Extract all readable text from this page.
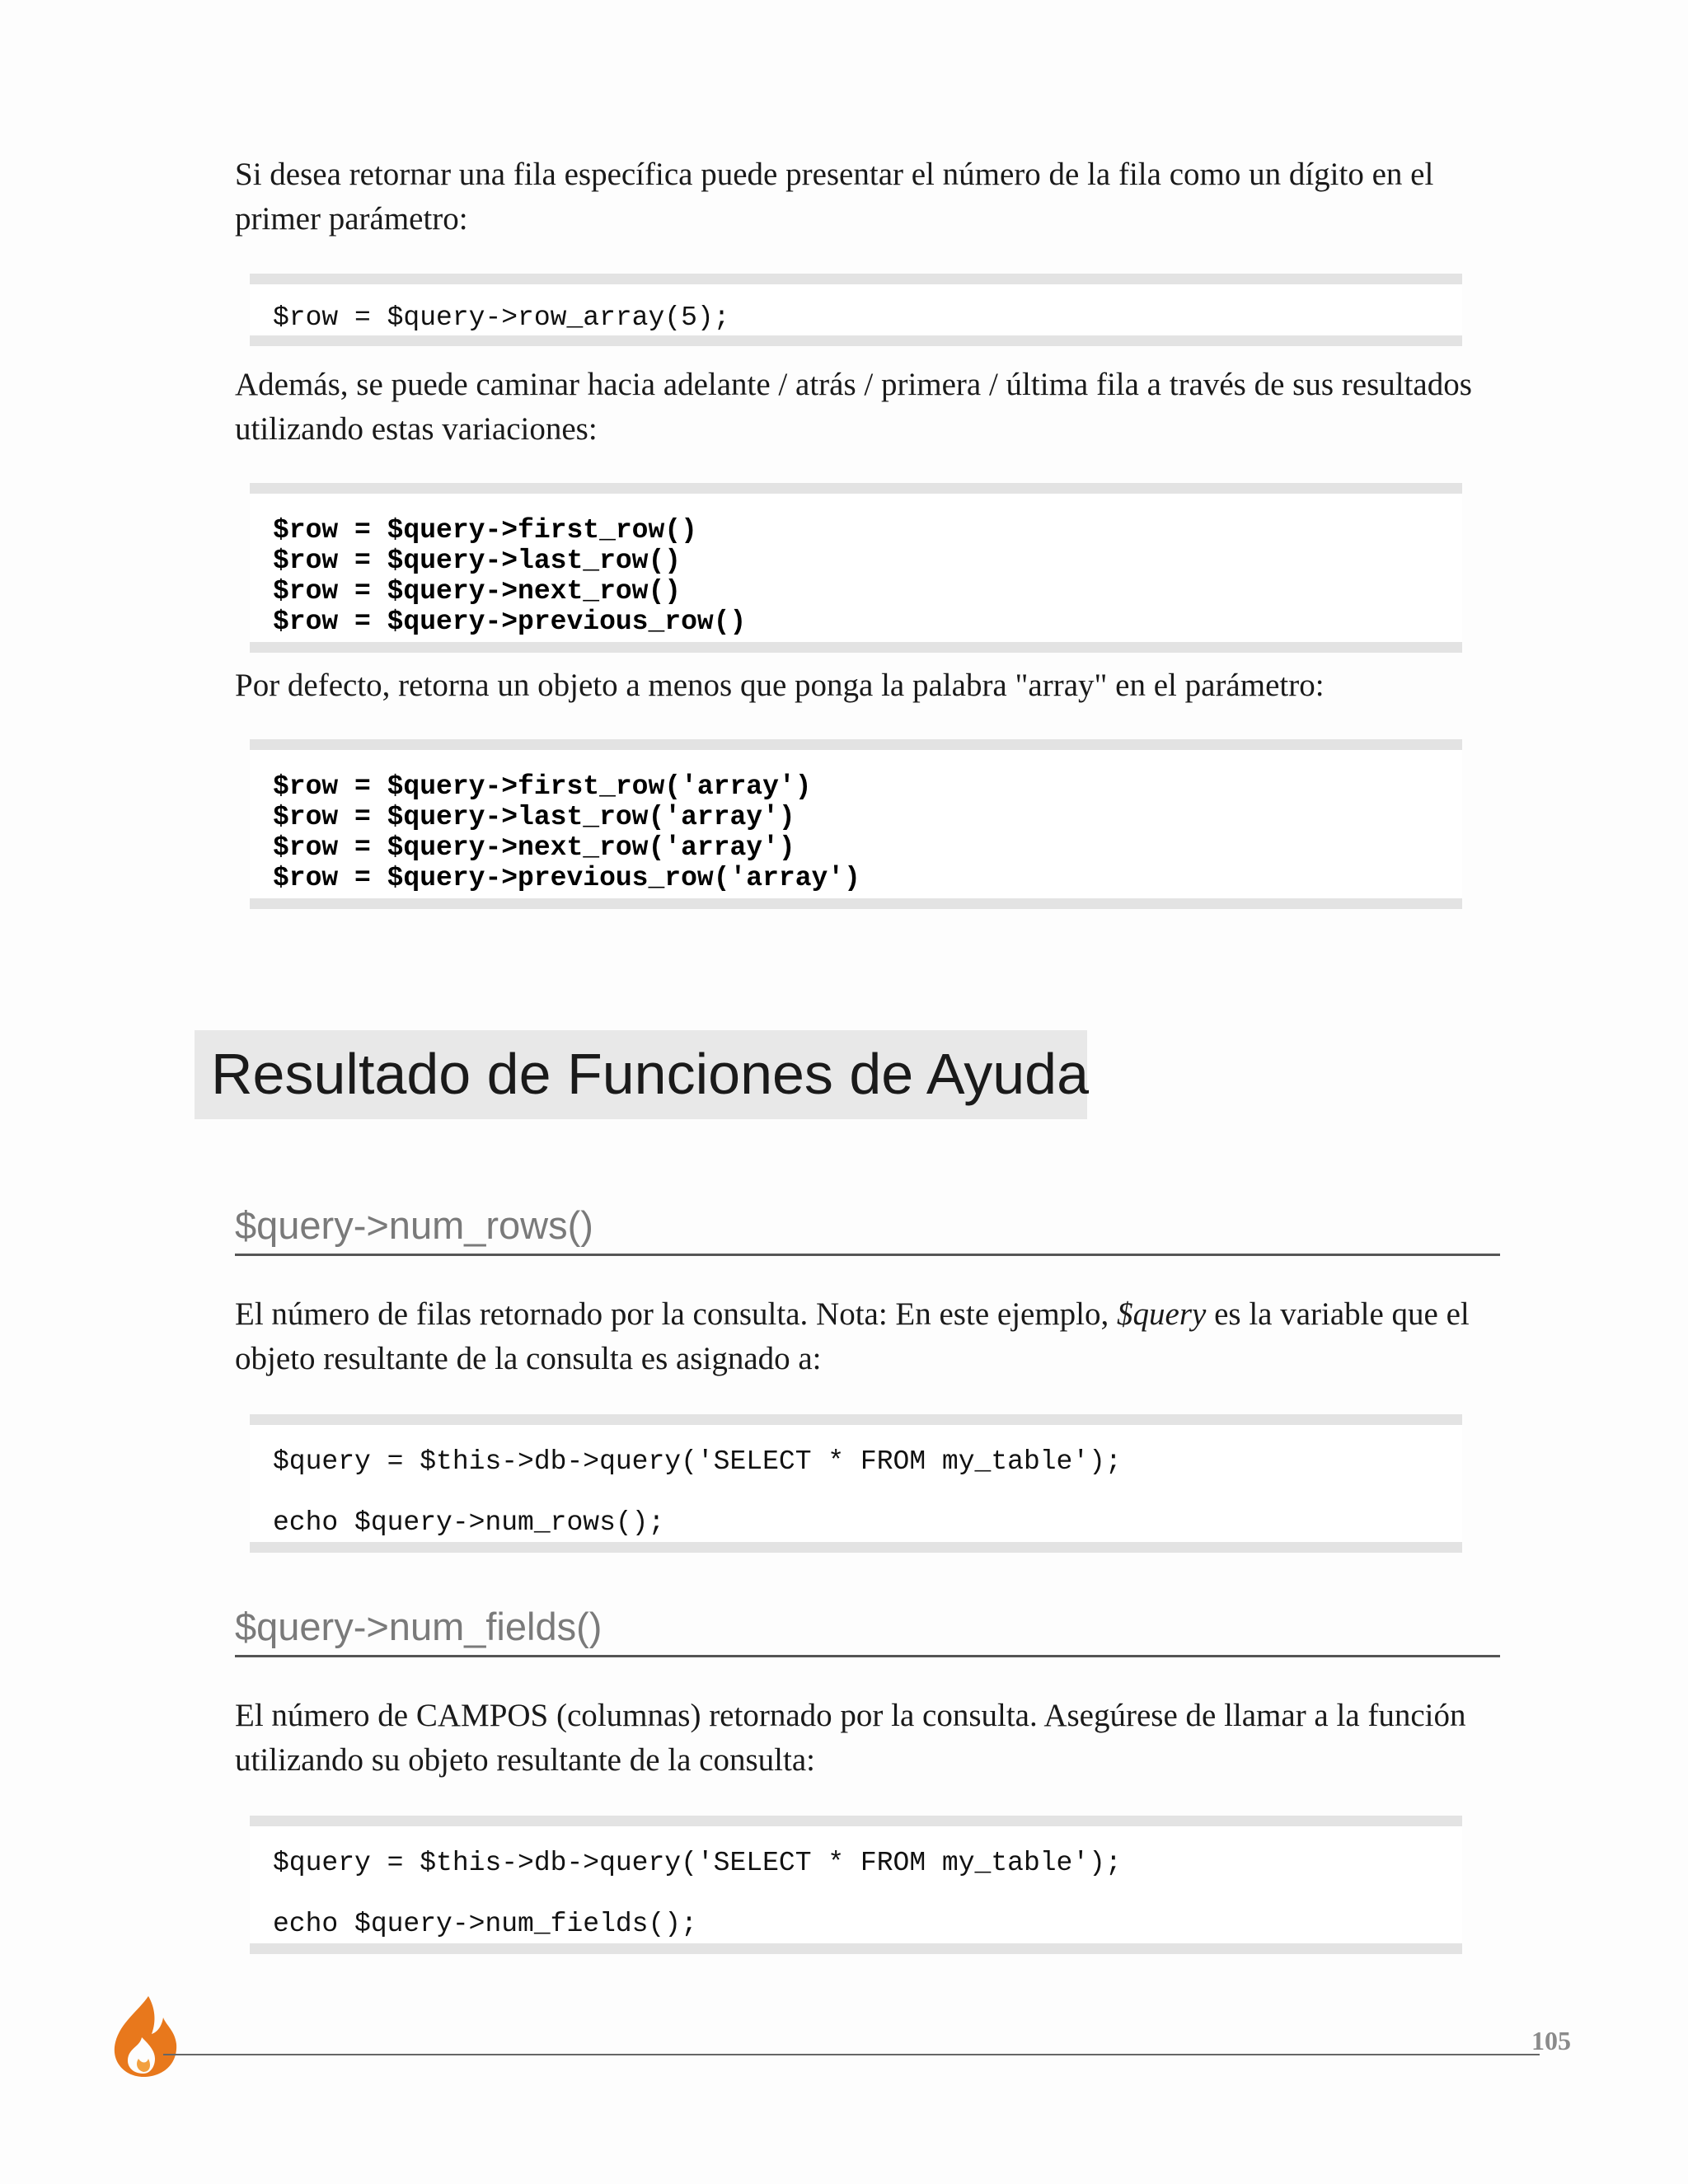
Si desea retornar una fila específica puede presentar el número de la fila como un dígito en el primer parámetro:

$row = $query->row_array(5);

Además, se puede caminar hacia adelante / atrás / primera / última fila a través de sus resultados utilizando estas variaciones:

$row = $query->first_row()
$row = $query->last_row()
$row = $query->next_row()
$row = $query->previous_row()

Por defecto, retorna un objeto a menos que ponga la palabra "array" en el parámetro:

$row = $query->first_row('array')
$row = $query->last_row('array')
$row = $query->next_row('array')
$row = $query->previous_row('array')
Resultado de Funciones de Ayuda
$query->num_rows()

El número de filas retornado por la consulta. Nota: En este ejemplo, $query es la variable que el objeto resultante de la consulta es asignado a:

$query = $this->db->query('SELECT * FROM my_table');
echo $query->num_rows();
$query->num_fields()

El número de CAMPOS (columnas) retornado por la consulta. Asegúrese de llamar a la función utilizando su objeto resultante de la consulta:

$query = $this->db->query('SELECT * FROM my_table');
echo $query->num_fields();
105
